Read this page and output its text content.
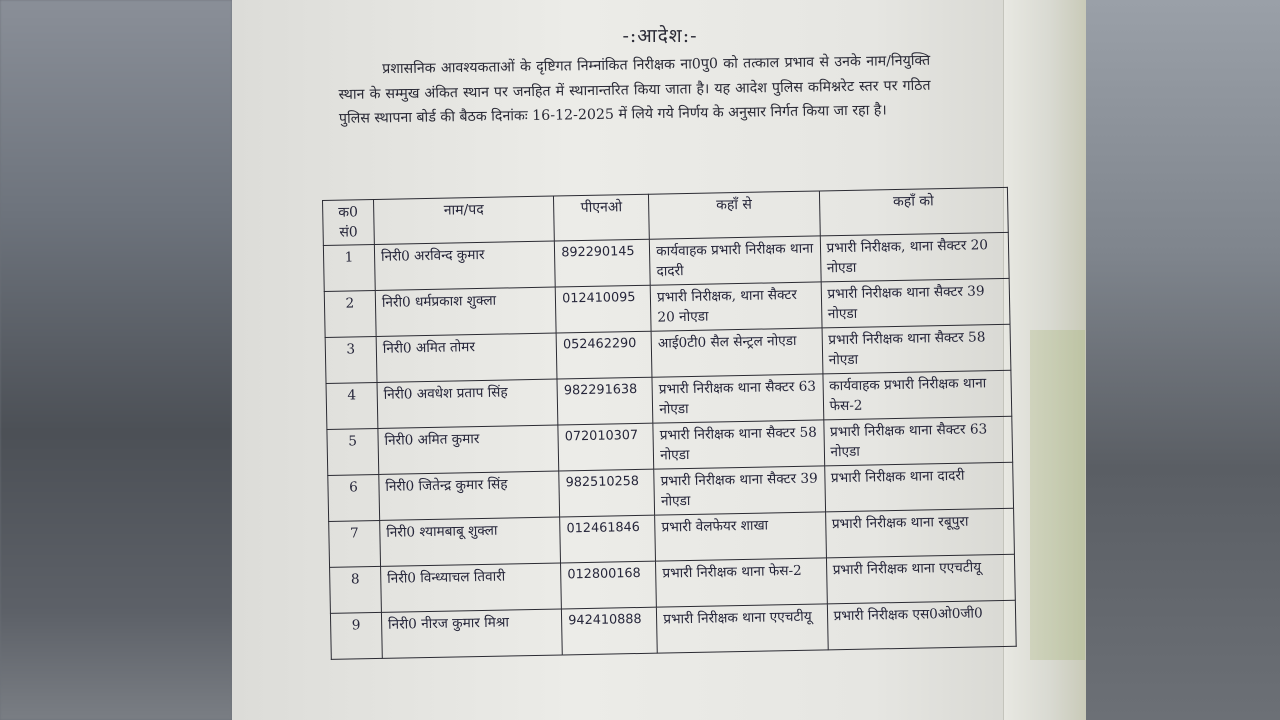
-:आदेश:-
प्रशासनिक आवश्यकताओं के दृष्टिगत निम्नांकित निरीक्षक ना0पु0 को तत्काल प्रभाव से उनके नाम/नियुक्ति स्थान के सम्मुख अंकित स्थान पर जनहित में स्थानान्तरित किया जाता है। यह आदेश पुलिस कमिश्नरेट स्तर पर गठित पुलिस स्थापना बोर्ड की बैठक दिनांकः 16-12-2025 में लिये गये निर्णय के अनुसार निर्गत किया जा रहा है।
क0 सं0	नाम/पद	पीएनओ	कहाँ से	कहाँ को
1	निरी0 अरविन्द कुमार	892290145	कार्यवाहक प्रभारी निरीक्षक थाना दादरी	प्रभारी निरीक्षक, थाना सैक्टर 20 नोएडा
2	निरी0 धर्मप्रकाश शुक्ला	012410095	प्रभारी निरीक्षक, थाना सैक्टर 20 नोएडा	प्रभारी निरीक्षक थाना सैक्टर 39 नोएडा
3	निरी0 अमित तोमर	052462290	आई0टी0 सैल सेन्ट्रल नोएडा	प्रभारी निरीक्षक थाना सैक्टर 58 नोएडा
4	निरी0 अवधेश प्रताप सिंह	982291638	प्रभारी निरीक्षक थाना सैक्टर 63 नोएडा	कार्यवाहक प्रभारी निरीक्षक थाना फेस-2
5	निरी0 अमित कुमार	072010307	प्रभारी निरीक्षक थाना सैक्टर 58 नोएडा	प्रभारी निरीक्षक थाना सैक्टर 63 नोएडा
6	निरी0 जितेन्द्र कुमार सिंह	982510258	प्रभारी निरीक्षक थाना सैक्टर 39 नोएडा	प्रभारी निरीक्षक थाना दादरी
7	निरी0 श्यामबाबू शुक्ला	012461846	प्रभारी वेलफेयर शाखा	प्रभारी निरीक्षक थाना रबूपुरा
8	निरी0 विन्ध्याचल तिवारी	012800168	प्रभारी निरीक्षक थाना फेस-2	प्रभारी निरीक्षक थाना एएचटीयू
9	निरी0 नीरज कुमार मिश्रा	942410888	प्रभारी निरीक्षक थाना एएचटीयू	प्रभारी निरीक्षक एस0ओ0जी0
